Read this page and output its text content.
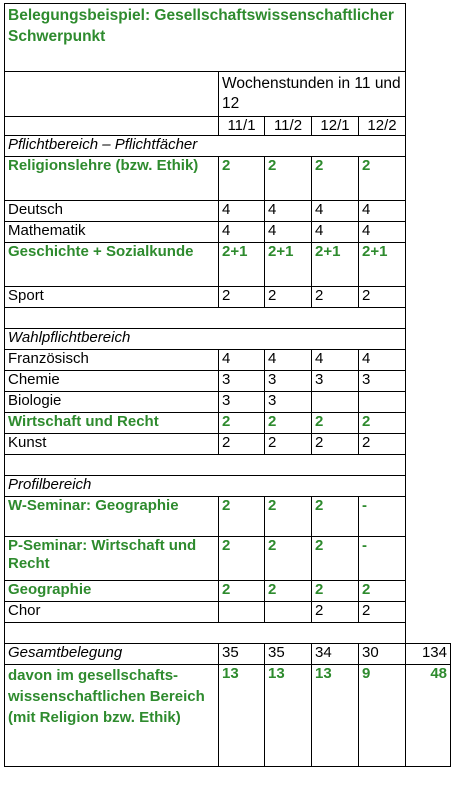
Belegungsbeispiel: Gesellschaftswissenschaftlicher Schwerpunkt					
	Wochenstunden in 11 und 12				
	11/1	11/2	12/1	12/2	
Pflichtbereich – Pflichtfächer					
Religionslehre (bzw. Ethik)	2	2	2	2	
Deutsch	4	4	4	4	
Mathematik	4	4	4	4	
Geschichte + Sozialkunde	2+1	2+1	2+1	2+1	
Sport	2	2	2	2	

Wahlpflichtbereich					
Französisch	4	4	4	4	
Chemie	3	3	3	3	
Biologie	3	3			
Wirtschaft und Recht	2	2	2	2	
Kunst	2	2	2	2	

Profilbereich					
W-Seminar: Geographie	2	2	2	-	
P-Seminar: Wirtschaft und Recht	2	2	2	-	
Geographie	2	2	2	2	
Chor			2	2	

Gesamtbelegung	35	35	34	30	134
davon im gesellschafts-wissenschaftlichen Bereich (mit Religion bzw. Ethik)	13	13	13	9	48
